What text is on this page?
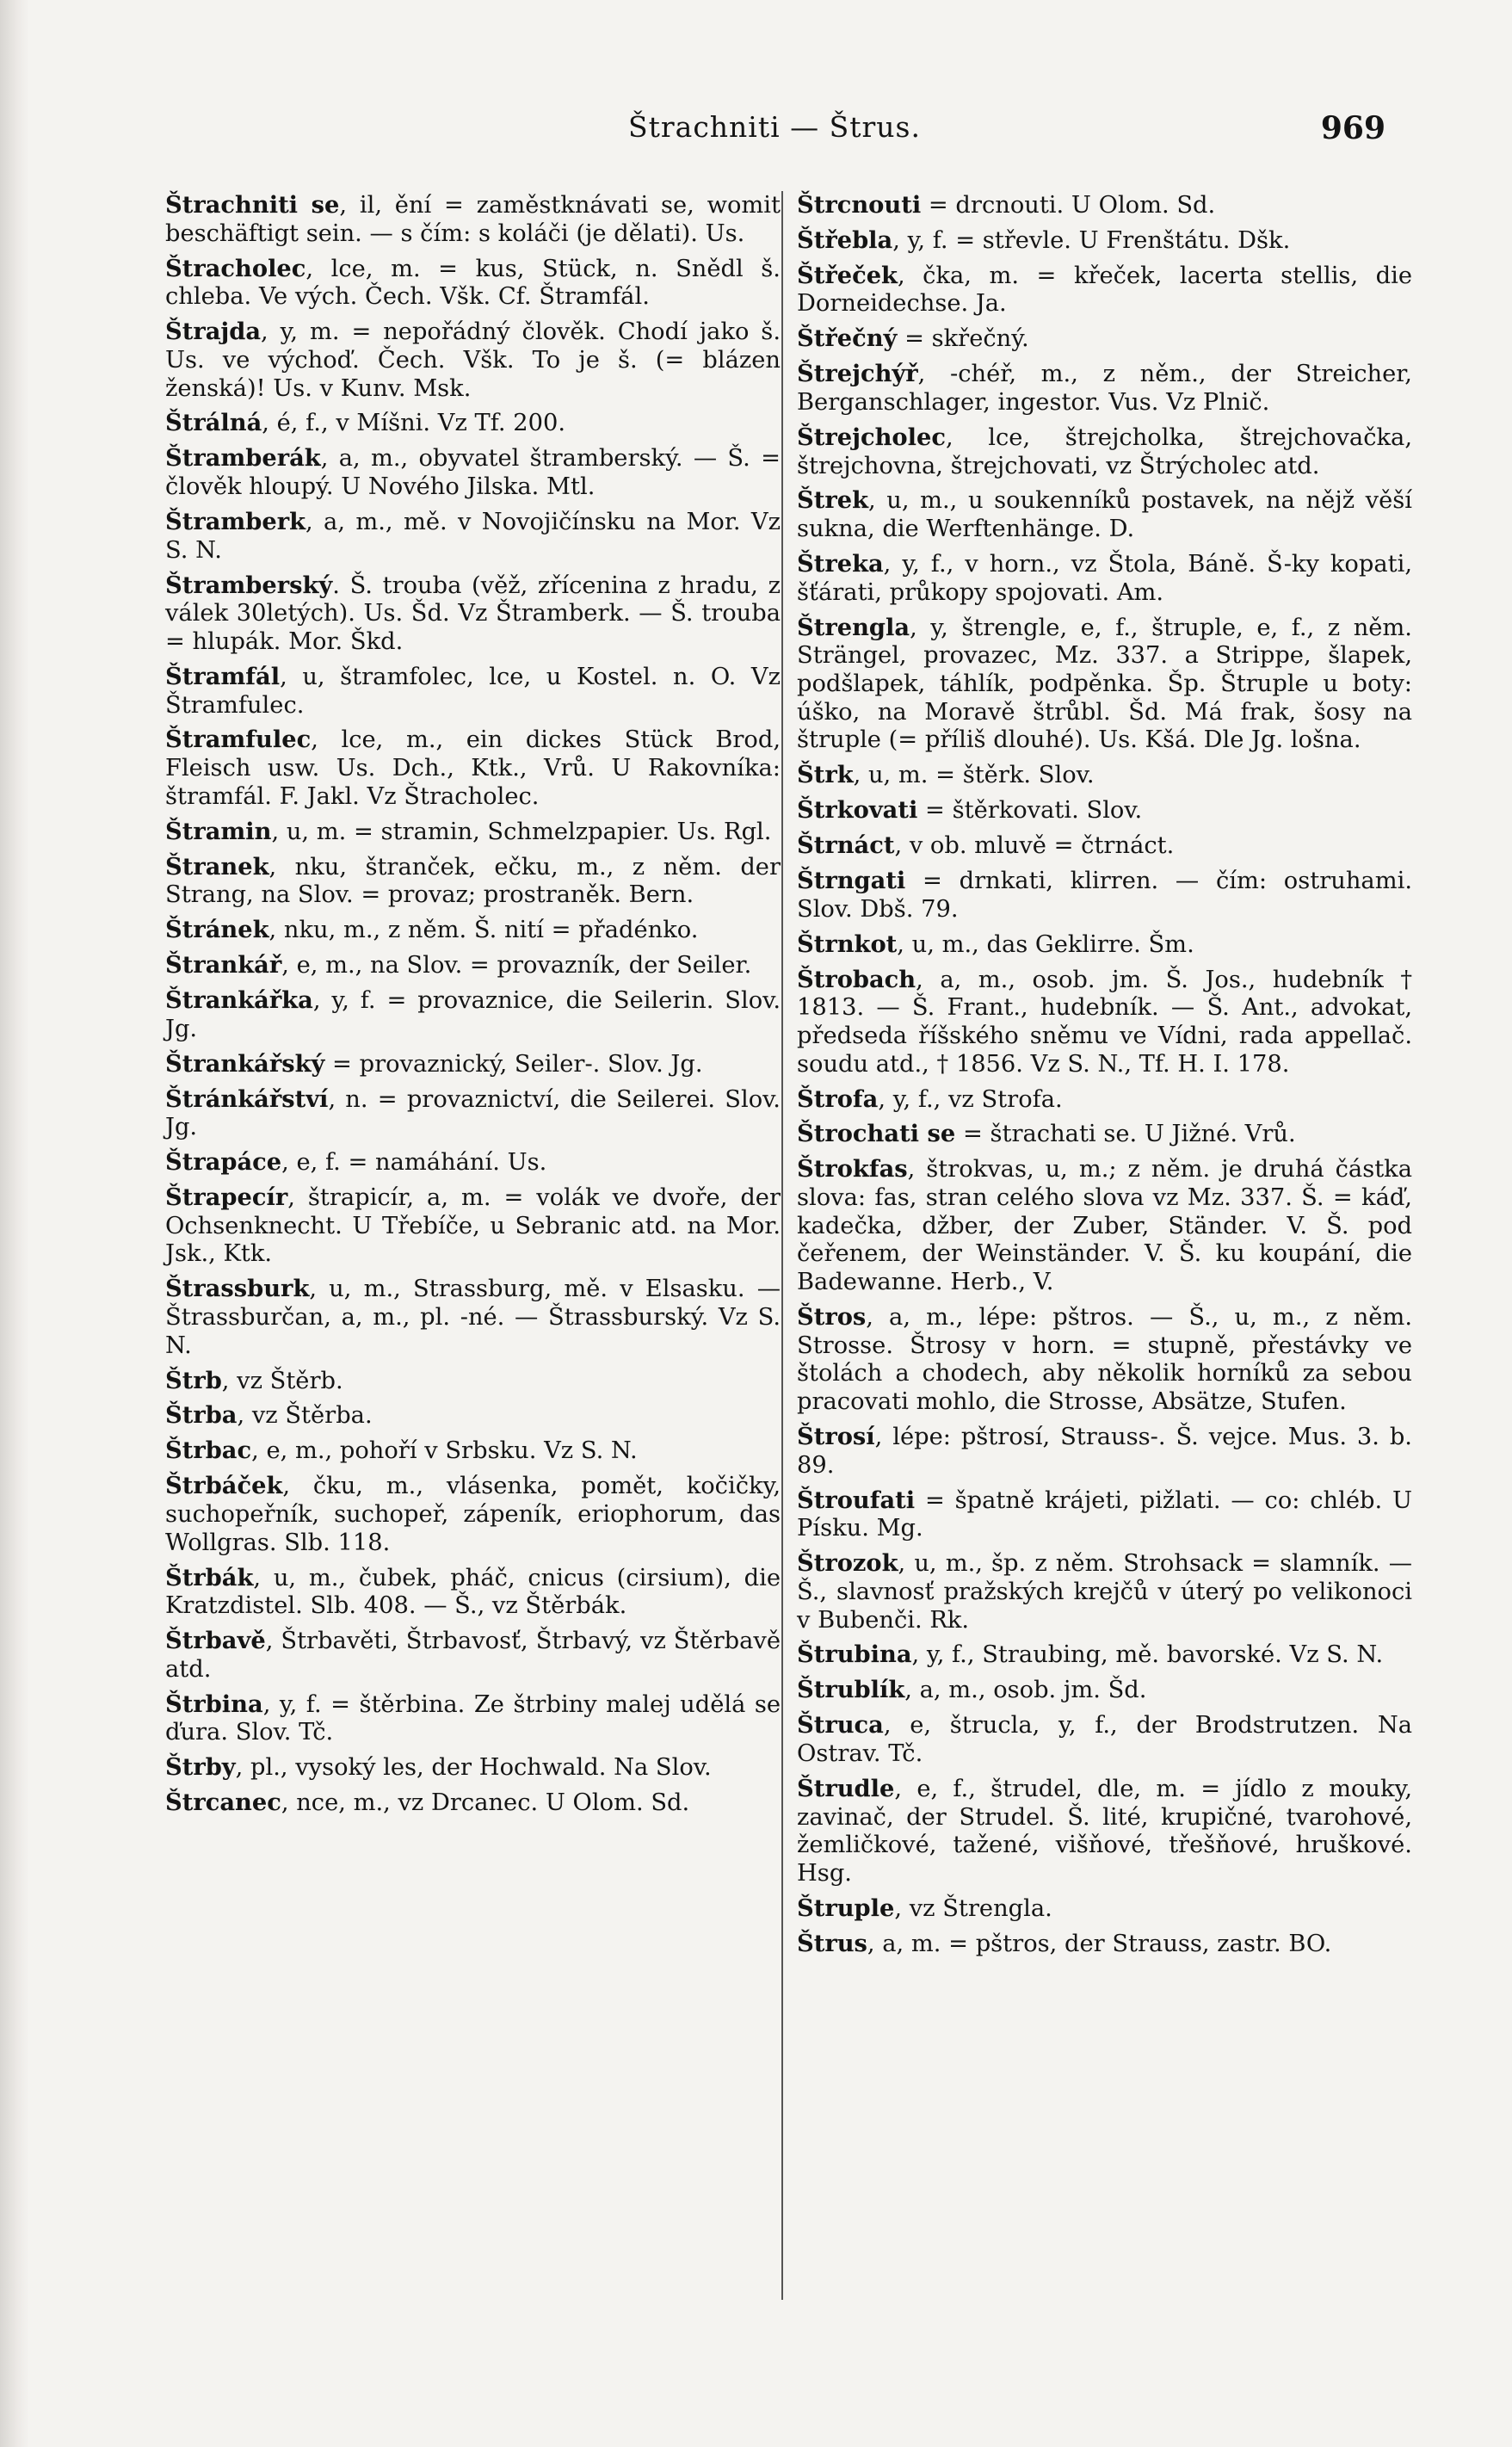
Štrachniti — Štrus.	969

Štrachniti se, il, ění = zaměstknávati se, womit beschäftigt sein. — s čím: s koláči (je dělati). Us.

Štracholec, lce, m. = kus, Stück, n. Snědl š. chleba. Ve vých. Čech. Všk. Cf. Štramfál.

Štrajda, y, m. = nepořádný člověk. Chodí jako š. Us. ve výchoď. Čech. Všk. To je š. (= blázen ženská)! Us. v Kunv. Msk.

Štrálná, é, f., v Míšni. Vz Tf. 200.

Štramberák, a, m., obyvatel štramberský. — Š. = člověk hloupý. U Nového Jilska. Mtl.

Štramberk, a, m., mě. v Novojičínsku na Mor. Vz S. N.

Štramberský. Š. trouba (věž, zřícenina z hradu, z válek 30letých). Us. Šd. Vz Štramberk. — Š. trouba = hlupák. Mor. Škd.

Štramfál, u, štramfolec, lce, u Kostel. n. O. Vz Štramfulec.

Štramfulec, lce, m., ein dickes Stück Brod, Fleisch usw. Us. Dch., Ktk., Vrů. U Rakovníka: štramfál. F. Jakl. Vz Štracholec.

Štramin, u, m. = stramin, Schmelzpapier. Us. Rgl.

Štranek, nku, štranček, ečku, m., z něm. der Strang, na Slov. = provaz; prostraněk. Bern.

Štránek, nku, m., z něm. Š. nití = přadénko.

Štrankář, e, m., na Slov. = provazník, der Seiler.

Štrankářka, y, f. = provaznice, die Seilerin. Slov. Jg.

Štrankářský = provaznický, Seiler-. Slov. Jg.

Štránkářství, n. = provaznictví, die Seilerei. Slov. Jg.

Štrapáce, e, f. = namáhání. Us.

Štrapecír, štrapicír, a, m. = volák ve dvoře, der Ochsenknecht. U Třebíče, u Sebranic atd. na Mor. Jsk., Ktk.

Štrassburk, u, m., Strassburg, mě. v Elsasku. — Štrassburčan, a, m., pl. -né. — Štrassburský. Vz S. N.

Štrb, vz Štěrb.

Štrba, vz Štěrba.

Štrbac, e, m., pohoří v Srbsku. Vz S. N.

Štrbáček, čku, m., vlásenka, pomět, kočičky, suchopeřník, suchopeř, zápeník, eriophorum, das Wollgras. Slb. 118.

Štrbák, u, m., čubek, pháč, cnicus (cirsium), die Kratzdistel. Slb. 408. — Š., vz Štěrbák.

Štrbavě, Štrbavěti, Štrbavosť, Štrbavý, vz Štěrbavě atd.

Štrbina, y, f. = štěrbina. Ze štrbiny malej udělá se ďura. Slov. Tč.

Štrby, pl., vysoký les, der Hochwald. Na Slov.

Štrcanec, nce, m., vz Drcanec. U Olom. Sd.

Štrcnouti = drcnouti. U Olom. Sd.

Štřebla, y, f. = střevle. U Frenštátu. Dšk.

Štřeček, čka, m. = křeček, lacerta stellis, die Dorneidechse. Ja.

Štřečný = skřečný.

Štrejchýř, -chéř, m., z něm., der Streicher, Berganschlager, ingestor. Vus. Vz Plnič.

Štrejcholec, lce, štrejcholka, štrejchovačka, štrejchovna, štrejchovati, vz Štrýcholec atd.

Štrek, u, m., u soukenníků postavek, na nějž věší sukna, die Werftenhänge. D.

Štreka, y, f., v horn., vz Štola, Báně. Š-ky kopati, šťárati, průkopy spojovati. Am.

Štrengla, y, štrengle, e, f., štruple, e, f., z něm. Strängel, provazec, Mz. 337. a Strippe, šlapek, podšlapek, táhlík, podpěnka. Šp. Štruple u boty: úško, na Moravě štrůbl. Šd. Má frak, šosy na štruple (= příliš dlouhé). Us. Kšá. Dle Jg. lošna.

Štrk, u, m. = štěrk. Slov.

Štrkovati = štěrkovati. Slov.

Štrnáct, v ob. mluvě = čtrnáct.

Štrngati = drnkati, klirren. — čím: ostruhami. Slov. Dbš. 79.

Štrnkot, u, m., das Geklirre. Šm.

Štrobach, a, m., osob. jm. Š. Jos., hudebník † 1813. — Š. Frant., hudebník. — Š. Ant., advokat, předseda říšského sněmu ve Vídni, rada appellač. soudu atd., † 1856. Vz S. N., Tf. H. I. 178.

Štrofa, y, f., vz Strofa.

Štrochati se = štrachati se. U Jižné. Vrů.

Štrokfas, štrokvas, u, m.; z něm. je druhá částka slova: fas, stran celého slova vz Mz. 337. Š. = káď, kadečka, džber, der Zuber, Ständer. V. Š. pod čeřenem, der Weinständer. V. Š. ku koupání, die Badewanne. Herb., V.

Štros, a, m., lépe: pštros. — Š., u, m., z něm. Strosse. Štrosy v horn. = stupně, přestávky ve štolách a chodech, aby několik horníků za sebou pracovati mohlo, die Strosse, Absätze, Stufen.

Štrosí, lépe: pštrosí, Strauss-. Š. vejce. Mus. 3. b. 89.

Štroufati = špatně krájeti, pižlati. — co: chléb. U Písku. Mg.

Štrozok, u, m., šp. z něm. Strohsack = slamník. — Š., slavnosť pražských krejčů v úterý po velikonoci v Bubenči. Rk.

Štrubina, y, f., Straubing, mě. bavorské. Vz S. N.

Štrublík, a, m., osob. jm. Šd.

Štruca, e, štrucla, y, f., der Brodstrutzen. Na Ostrav. Tč.

Štrudle, e, f., štrudel, dle, m. = jídlo z mouky, zavinač, der Strudel. Š. lité, krupičné, tvarohové, žemličkové, tažené, višňové, třešňové, hruškové. Hsg.

Štruple, vz Štrengla.

Štrus, a, m. = pštros, der Strauss, zastr. BO.
